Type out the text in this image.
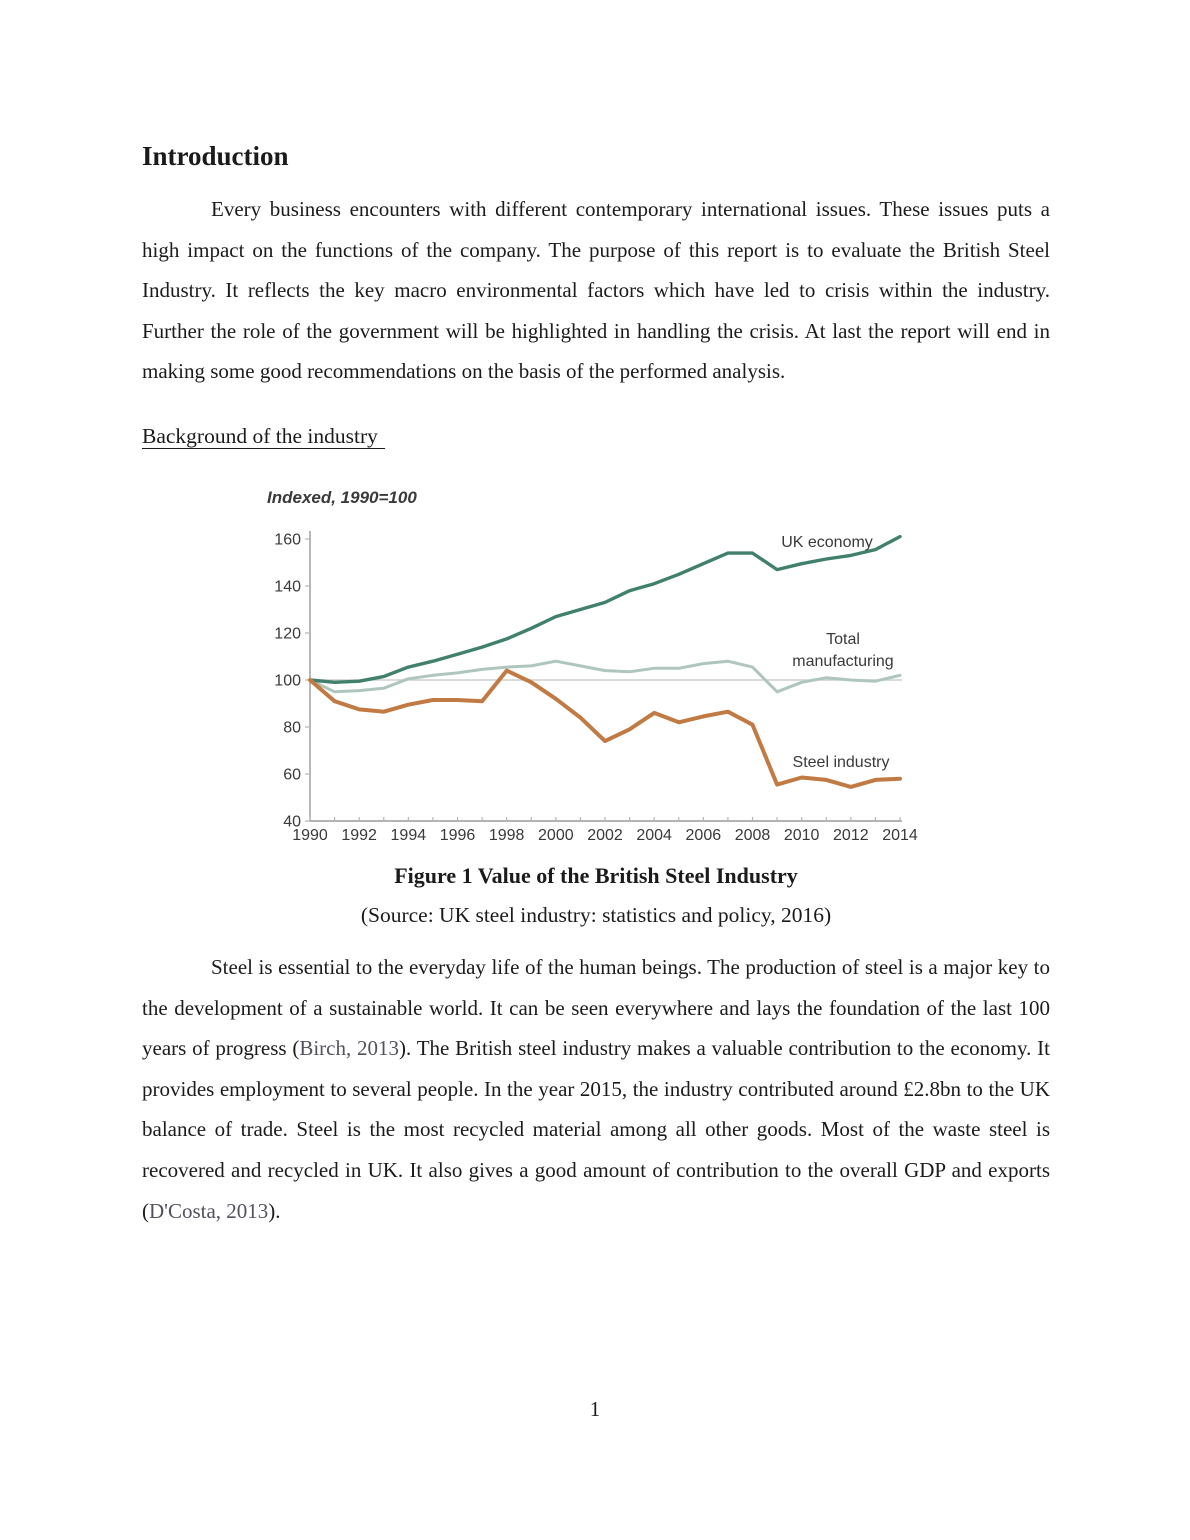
Introduction

Every business encounters with different contemporary international issues. These issues puts a high impact on the functions of the company. The purpose of this report is to evaluate the British Steel Industry. It reflects the key macro environmental factors which have led to crisis within the industry. Further the role of the government will be highlighted in handling the crisis. At last the report will end in making some good recommendations on the basis of the performed analysis.

Background of the industry

Indexed, 1990=100
40
60
80
100
120
140
160
1990 1992 1994 1996 1998 2000 2002 2004 2006 2008 2010 2012 2014
UK economy
Total
manufacturing
Steel industry

Figure 1 Value of the British Steel Industry

(Source: UK steel industry: statistics and policy, 2016)

Steel is essential to the everyday life of the human beings. The production of steel is a major key to the development of a sustainable world. It can be seen everywhere and lays the foundation of the last 100 years of progress (Birch, 2013). The British steel industry makes a valuable contribution to the economy. It provides employment to several people. In the year 2015, the industry contributed around £2.8bn to the UK balance of trade. Steel is the most recycled material among all other goods. Most of the waste steel is recovered and recycled in UK. It also gives a good amount of contribution to the overall GDP and exports (D'Costa, 2013).

1
